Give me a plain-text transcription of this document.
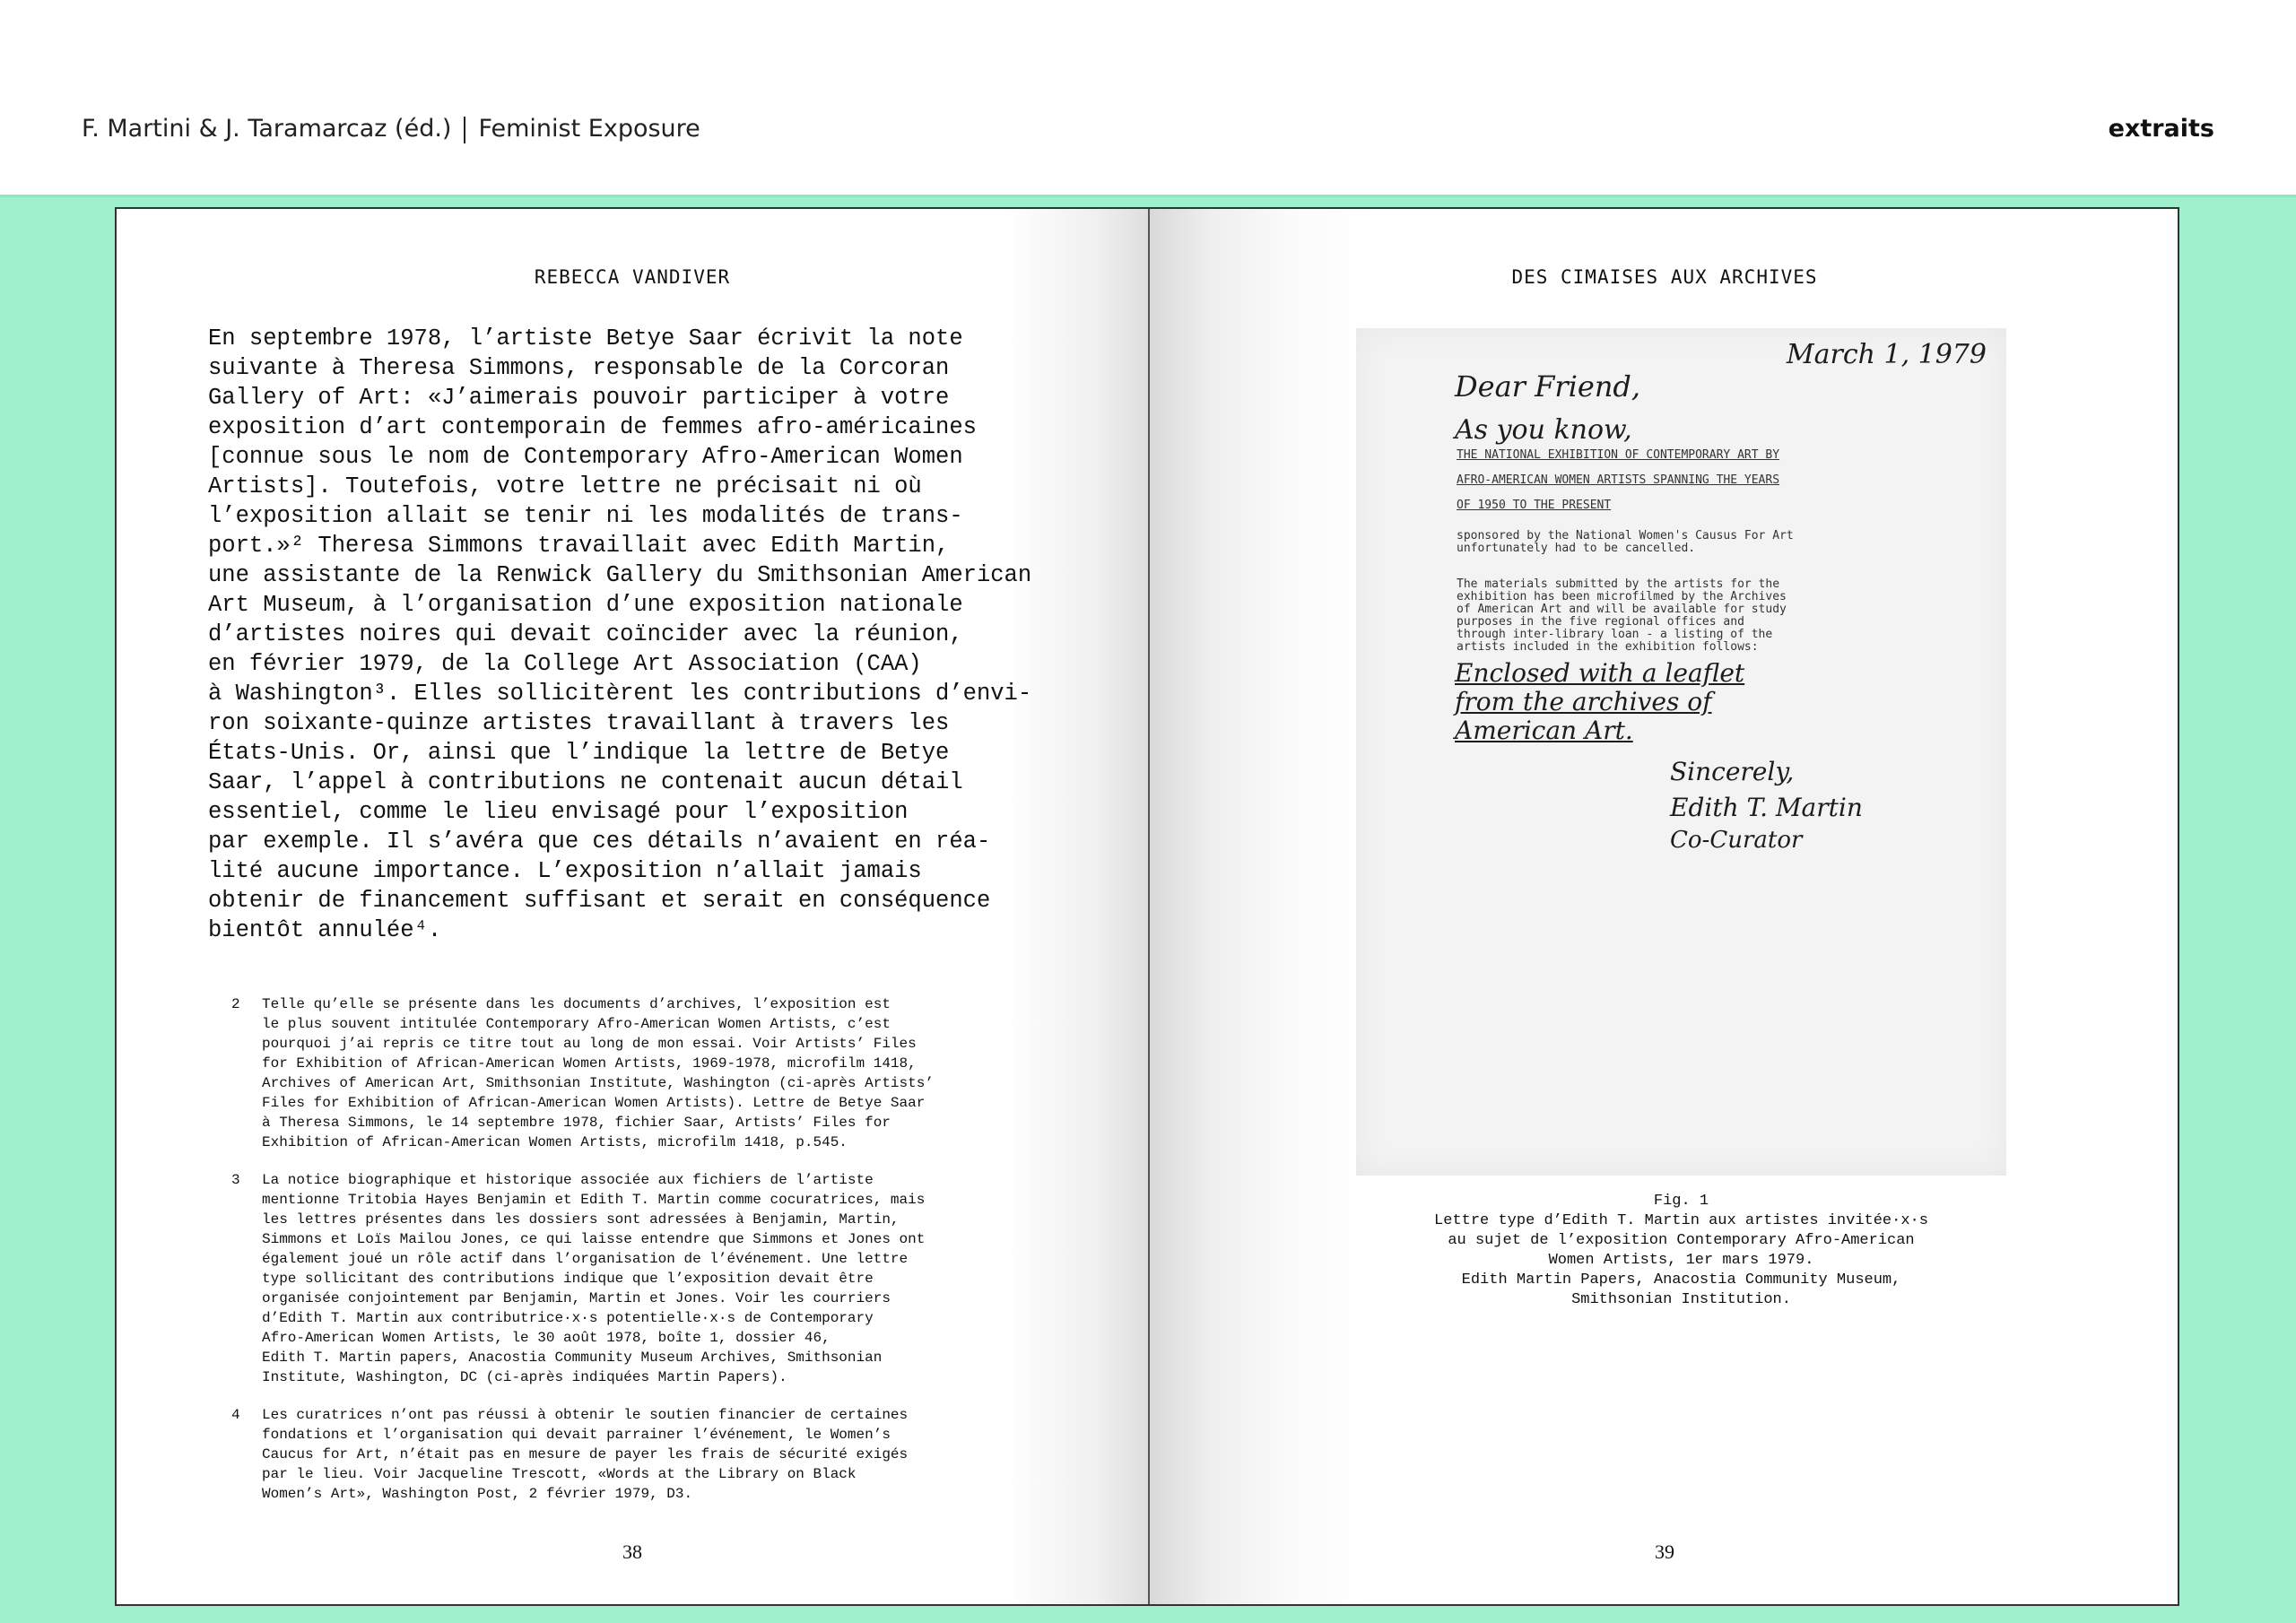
F. Martini & J. Taramarcaz (éd.) Feminist Exposure	extraits
REBECCA VANDIVER
En septembre 1978, l’artiste Betye Saar écrivit la note
suivante à Theresa Simmons, responsable de la Corcoran
Gallery of Art: «J’aimerais pouvoir participer à votre
exposition d’art contemporain de femmes afro-américaines
[connue sous le nom de Contemporary Afro-American Women
Artists]. Toutefois, votre lettre ne précisait ni où
l’exposition allait se tenir ni les modalités de trans-
port.»² Theresa Simmons travaillait avec Edith Martin,
une assistante de la Renwick Gallery du Smithsonian American
Art Museum, à l’organisation d’une exposition nationale
d’artistes noires qui devait coïncider avec la réunion,
en février 1979, de la College Art Association (CAA)
à Washington³. Elles sollicitèrent les contributions d’envi-
ron soixante-quinze artistes travaillant à travers les
États-Unis. Or, ainsi que l’indique la lettre de Betye
Saar, l’appel à contributions ne contenait aucun détail
essentiel, comme le lieu envisagé pour l’exposition
par exemple. Il s’avéra que ces détails n’avaient en réa-
lité aucune importance. L’exposition n’allait jamais
obtenir de financement suffisant et serait en conséquence
bientôt annulée⁴.
2 Telle qu’elle se présente dans les documents d’archives, l’exposition est
le plus souvent intitulée Contemporary Afro-American Women Artists, c’est
pourquoi j’ai repris ce titre tout au long de mon essai. Voir Artists’ Files
for Exhibition of African-American Women Artists, 1969-1978, microfilm 1418,
Archives of American Art, Smithsonian Institute, Washington (ci-après Artists’
Files for Exhibition of African-American Women Artists). Lettre de Betye Saar
à Theresa Simmons, le 14 septembre 1978, fichier Saar, Artists’ Files for
Exhibition of African-American Women Artists, microfilm 1418, p.545.
3 La notice biographique et historique associée aux fichiers de l’artiste
mentionne Tritobia Hayes Benjamin et Edith T. Martin comme cocuratrices, mais
les lettres présentes dans les dossiers sont adressées à Benjamin, Martin,
Simmons et Loïs Mailou Jones, ce qui laisse entendre que Simmons et Jones ont
également joué un rôle actif dans l’organisation de l’événement. Une lettre
type sollicitant des contributions indique que l’exposition devait être
organisée conjointement par Benjamin, Martin et Jones. Voir les courriers
d’Edith T. Martin aux contributrice·x·s potentielle·x·s de Contemporary
Afro-American Women Artists, le 30 août 1978, boîte 1, dossier 46,
Edith T. Martin papers, Anacostia Community Museum Archives, Smithsonian
Institute, Washington, DC (ci-après indiquées Martin Papers).
4 Les curatrices n’ont pas réussi à obtenir le soutien financier de certaines
fondations et l’organisation qui devait parrainer l’événement, le Women’s
Caucus for Art, n’était pas en mesure de payer les frais de sécurité exigés
par le lieu. Voir Jacqueline Trescott, «Words at the Library on Black
Women’s Art», Washington Post, 2 février 1979, D3.
38
DES CIMAISES AUX ARCHIVES
March 1, 1979
Dear Friend,
As you know,
THE NATIONAL EXHIBITION OF CONTEMPORARY ART BY
AFRO-AMERICAN WOMEN ARTISTS SPANNING THE YEARS
OF 1950 TO THE PRESENT
sponsored by the National Women's Causus For Art
unfortunately had to be cancelled.
The materials submitted by the artists for the
exhibition has been microfilmed by the Archives
of American Art and will be available for study
purposes in the five regional offices and
through inter-library loan - a listing of the
artists included in the exhibition follows:
Enclosed with a leaflet
from the archives of
American Art.
Sincerely,
Edith T. Martin
Co-Curator
Fig. 1
Lettre type d’Edith T. Martin aux artistes invitée·x·s
au sujet de l’exposition Contemporary Afro-American
Women Artists, 1er mars 1979.
Edith Martin Papers, Anacostia Community Museum,
Smithsonian Institution.
39
